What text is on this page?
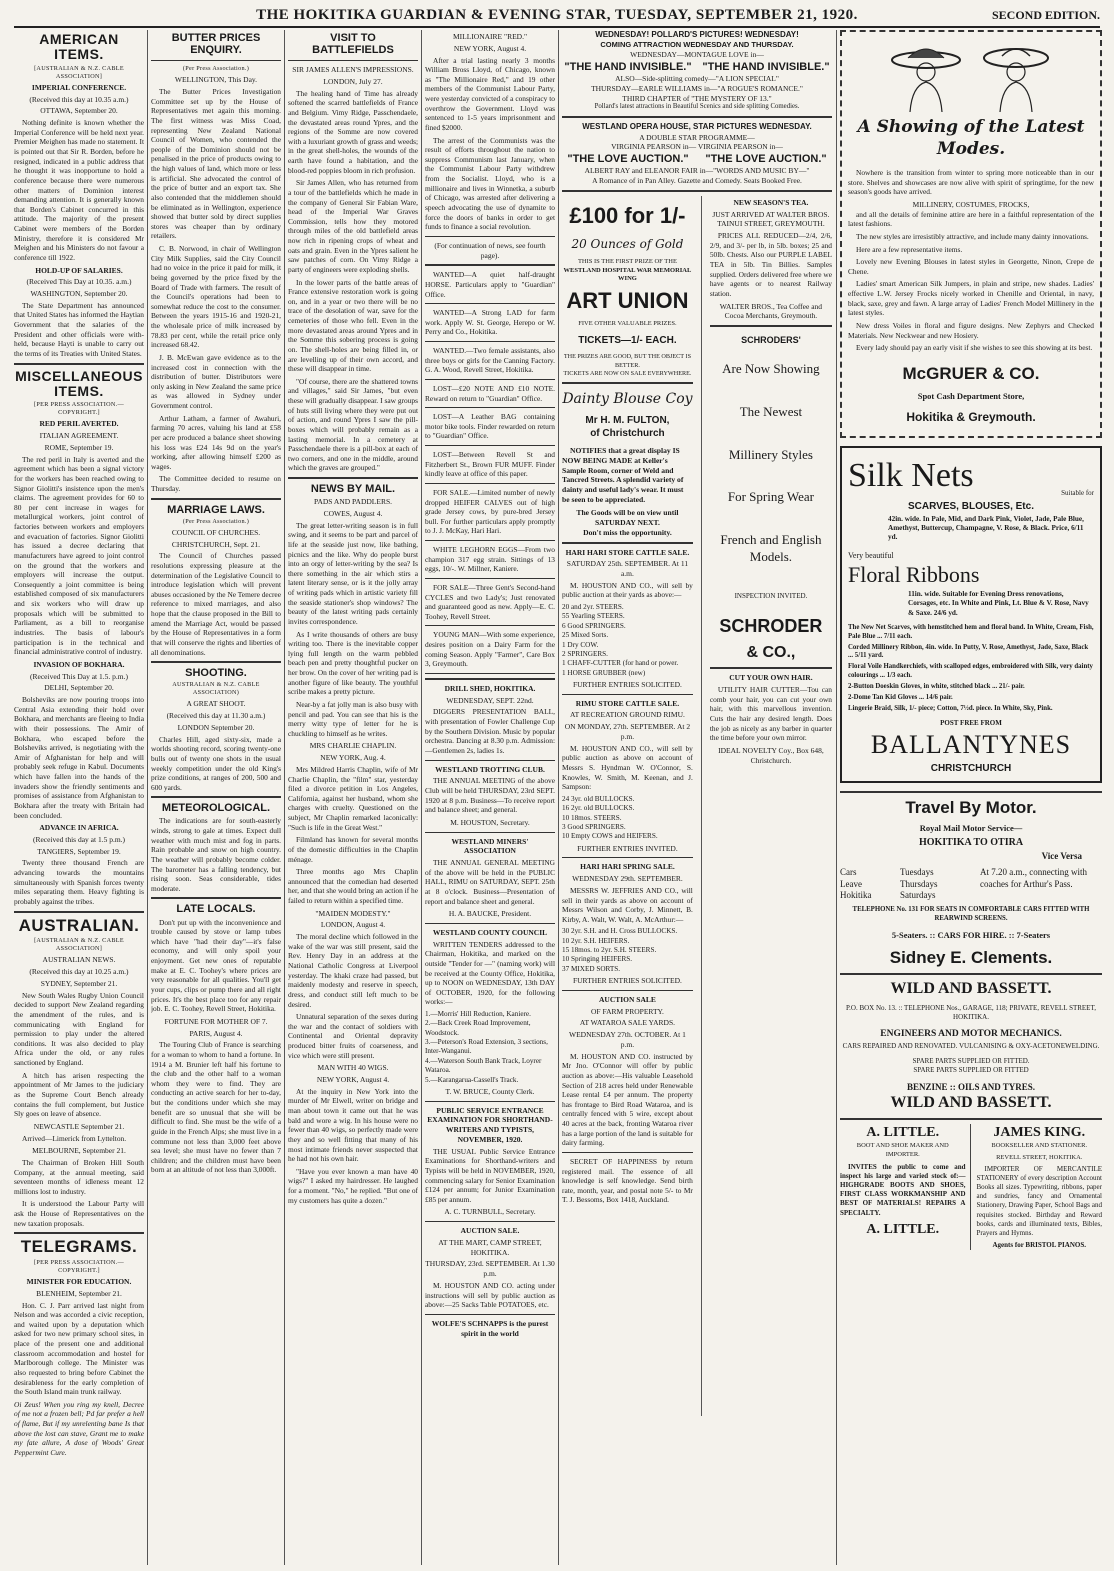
THE HOKITIKA GUARDIAN & EVENING STAR, TUESDAY, SEPTEMBER 21, 1920.	SECOND EDITION.
AMERICAN ITEMS.
[AUSTRALIAN & N.Z. CABLE ASSOCIATION]
IMPERIAL CONFERENCE.
(Received this day at 10.35 a.m.)
OTTAWA, September 20.

Nothing definite is known whether the Imperial Conference will be held next year. Premier Meighen has made no statement. It is pointed out that Sir R. Borden, before he resigned, indicated in a public address that he thought it was inopportune to hold a conference because there were numerous other matters of Dominion interest demanding attention. It is generally known that Borden's Cabinet concurred in this attitude. The majority of the present Cabinet were members of the Borden Ministry, therefore it is considered Mr Meighen and his Ministers do not favour a conference till 1922.

HOLD-UP OF SALARIES.
(Received This Day at 10.35. a.m.)
WASHINGTON, September 20.

The State Department has announced that United States has informed the Haytian Government that the salaries of the President and other officials were with-held, because Hayti is unable to carry out the terms of its Treaties with United States.

MISCELLANEOUS ITEMS.
[PER PRESS ASSOCIATION.—COPYRIGHT.]
RED PERIL AVERTED.
ITALIAN AGREEMENT.
ROME, September 19.

The red peril in Italy is averted and the agreement which has been a signal victory for the workers has been reached owing to Signor Giolitti's insistence upon the men's claims. The agreement provides for 60 to 80 per cent increase in wages for metallurgical workers, joint control of factories between workers and employers and evacuation of factories. Signor Giolitti has issued a decree declaring that manufacturers have agreed to joint control on the ground that the workers and employers will increase the output. Consequently a joint committee is being established composed of six manufacturers and six workers who will draw up proposals which will be submitted to Parliament, as a bill to reorganise industries. The basis of labour's participation is in the technical and financial administrative control of industry.

INVASION OF BOKHARA.
(Received This Day at 1.5. p.m.)
DELHI, September 20.

Bolsheviks are now pouring troops into Central Asia extending their hold over Bokhara, and merchants are fleeing to India with their possessions. The Amir of Bokhara, who escaped before the Bolsheviks arrived, is negotiating with the Amir of Afghanistan for help and will probably seek refuge in Kabul. Documents which have fallen into the hands of the invaders show the friendly sentiments and promises of assistance from Afghanistan to Bokhara after the treaty with Britain had been concluded.

ADVANCE IN AFRICA.
(Received this day at 1.5 p.m.)
TANGIERS, September 19.

Twenty three thousand French are advancing towards the mountains simultaneously with Spanish forces twenty miles separating them. Heavy fighting is probably against the tribes.

AUSTRALIAN.
[AUSTRALIAN & N.Z. CABLE ASSOCIATION]
AUSTRALIAN NEWS.
(Received this day at 10.25 a.m.)
SYDNEY, September 21.

New South Wales Rugby Union Council decided to support New Zealand regarding the amendment of the rules, and is communicating with England for permission to play under the altered conditions. It was also decided to play Africa under the old, or any rules sanctioned by England.

A hitch has arisen respecting the appointment of Mr James to the judiciary as the Supreme Court Bench already contains the full complement, but Justice Sly goes on leave of absence.

NEWCASTLE September 21.

Arrived—Limerick from Lyttelton.

MELBOURNE, September 21.

The Chairman of Broken Hill South Company, at the annual meeting, said seventeen months of idleness meant 12 millions lost to industry.

It is understood the Labour Party will ask the House of Representatives on the new taxation proposals.

TELEGRAMS.
[PER PRESS ASSOCIATION.—COPYRIGHT.]
MINISTER FOR EDUCATION.
BLENHEIM, September 21.

Hon. C. J. Parr arrived last night from Nelson and was accorded a civic reception, and waited upon by a deputation which asked for two new primary school sites, in place of the present one and additional classroom accommodation and hostel for Marlborough college. The Minister was also requested to bring before Cabinet the desirableness for the early completion of the South Island main trunk railway.

Oi Zeus! When you ring my knell, Decree of me not a frozen bell; Pd far prefer a hell of flame, But if my unrelenting bane Is that above the lost can stave, Grant me to make my fate allure, A dose of Woods' Great Peppermint Cure.

BUTTER PRICES ENQUIRY.
(Per Press Association.)
WELLINGTON, This Day.

The Butter Prices Investigation Committee set up by the House of Representatives met again this morning. The first witness was Miss Coad, representing New Zealand National Council of Women, who contended the people of the Dominion should not be penalised in the price of products owing to the high values of land, which more or less is artificial. She advocated the control of the price of butter and an export tax. She also contended that the middlemen should be eliminated as in Wellington, experience showed that butter sold by direct supplies stores was cheaper than by ordinary retailers.

C. B. Norwood, in chair of Wellington City Milk Supplies, said the City Council had no voice in the price it paid for milk, it being governed by the price fixed by the Board of Trade with farmers. The result of the Council's operations had been to somewhat reduce the cost to the consumer. Between the years 1915-16 and 1920-21, the wholesale price of milk increased by 78.83 per cent, while the retail price only increased 68.42.

J. B. McEwan gave evidence as to the increased cost in connection with the distribution of butter. Distributors were only asking in New Zealand the same price as was allowed in Sydney under Government control.

Arthur Latham, a farmer of Awahuri, farming 70 acres, valuing his land at £58 per acre produced a balance sheet showing his loss was £24 14s 9d on the year's working, after allowing himself £200 as wages.

The Committee decided to resume on Thursday.

MARRIAGE LAWS.
(Per Press Association.)
COUNCIL OF CHURCHES.
CHRISTCHURCH, Sept. 21.

The Council of Churches passed resolutions expressing pleasure at the determination of the Legislative Council to introduce legislation which will prevent abuses occasioned by the Ne Temere decree reference to mixed marriages, and also hope that the clause proposed in the Bill to amend the Marriage Act, would be passed by the House of Representatives in a form that will conserve the rights and liberties of all denominations.

SHOOTING.
AUSTRALIAN & N.Z. CABLE ASSOCIATION)
A GREAT SHOOT.
(Received this day at 11.30 a.m.)
LONDON September 20.

Charles Hill, aged sixty-six, made a worlds shooting record, scoring twenty-one bulls out of twenty one shots in the usual weekly competition under the old King's prize conditions, at ranges of 200, 500 and 600 yards.

METEOROLOGICAL.

The indications are for south-easterly winds, strong to gale at times. Expect dull weather with much mist and fog in parts. Rain probable and snow on high country. The weather will probably become colder. The barometer has a falling tendency, but rising soon. Seas considerable, tides moderate.

LATE LOCALS.

Don't put up with the inconvenience and trouble caused by stove or lamp tubes which have "had their day"—it's false economy, and will only spoil your enjoyment. Get new ones of reputable make at E. C. Toohey's where prices are very reasonable for all qualities. You'll get your cups, clips or pump there and all right prices. It's the best place too for any repair job. E. C. Toohey, Revell Street, Hokitika.

FORTUNE FOR MOTHER OF 7.
PARIS, August 4.

The Touring Club of France is searching for a woman to whom to hand a fortune. In 1914 a M. Brunier left half his fortune to the club and the other half to a woman whom they were to find. They are conducting an active search for her to-day, but the conditions under which she may benefit are so unusual that she will be difficult to find. She must be the wife of a guide in the French Alps; she must live in a commune not less than 3,000 feet above sea level; she must have no fewer than 7 children; and the children must have been born at an altitude of not less than 3,000ft.

VISIT TO BATTLEFIELDS
SIR JAMES ALLEN'S IMPRESSIONS.
LONDON, July 27.

The healing hand of Time has already softened the scarred battlefields of France and Belgium. Vimy Ridge, Passchendaele, the devastated areas round Ypres, and the regions of the Somme are now covered with a luxuriant growth of grass and weeds; in the great shell-holes, the wounds of the earth have found a habitation, and the blood-red poppies bloom in rich profusion.

Sir James Allen, who has returned from a tour of the battlefields which he made in the company of General Sir Fabian Ware, head of the Imperial War Graves Commission, tells how they motored through miles of the old battlefield areas now rich in ripening crops of wheat and oats and grain. Even in the Ypres salient he saw patches of corn. On Vimy Ridge a party of engineers were exploding shells.

In the lower parts of the battle areas of France extensive restoration work is going on, and in a year or two there will be no trace of the desolation of war, save for the cemeteries of those who fell. Even in the more devastated areas around Ypres and in the Somme this sobering process is going on. The shell-holes are being filled in, or are levelling up of their own accord, and these will disappear in time.

"Of course, there are the shattered towns and villages," said Sir James, "but even these will gradually disappear. I saw groups of huts still living where they were put out of action, and round Ypres I saw the pill-boxes which will probably remain as a lasting memorial. In a cemetery at Passchendaele there is a pill-box at each of two corners, and one in the middle, around which the graves are grouped."

NEWS BY MAIL.
PADS AND PADDLERS.
COWES, August 4.

The great letter-writing season is in full swing, and it seems to be part and parcel of life at the seaside just now, like bathing, picnics and the like. Why do people burst into an orgy of letter-writing by the sea? Is there something in the air which stirs a latent literary sense, or is it the jolly array of writing pads which in artistic variety fill the seaside stationer's shop windows? The beauty of the latest writing pads certainly invites correspondence.

As I write thousands of others are busy writing too. There is the inevitable copper lying full length on the warm pebbled beach pen and pretty thoughtful pucker on her brow. On the cover of her writing pad is another figure of like beauty. The youthful scribe makes a pretty picture.

Near-by a fat jolly man is also busy with pencil and pad. You can see that his is the merry witty type of letter for he is chuckling to himself as he writes.

MRS CHARLIE CHAPLIN.
NEW YORK, Aug. 4.

Mrs Mildred Harris Chaplin, wife of Mr Charlie Chaplin, the "film" star, yesterday filed a divorce petition in Los Angeles, California, against her husband, whom she charges with cruelty. Questioned on the subject, Mr Chaplin remarked laconically: "Such is life in the Great West."

Filmland has known for several months of the domestic difficulties in the Chaplin ménage.

Three months ago Mrs Chaplin announced that the comedian had deserted her, and that she would bring an action if he failed to return within a specified time.

"MAIDEN MODESTY."
LONDON, August 4.

The moral decline which followed in the wake of the war was still present, said the Rev. Henry Day in an address at the National Catholic Congress at Liverpool yesterday. The khaki craze had passed, but maidenly modesty and reserve in speech, dress, and conduct still left much to be desired.

Unnatural separation of the sexes during the war and the contact of soldiers with Continental and Oriental depravity produced bitter fruits of coarseness, and vice which were still present.

MAN WITH 40 WIGS.
NEW YORK, August 4.

At the inquiry in New York into the murder of Mr Elwell, writer on bridge and man about town it came out that he was bald and wore a wig. In his house were no fewer than 40 wigs, so perfectly made were they and so well fitting that many of his most intimate friends never suspected that he had not his own hair.

"Have you ever known a man have 40 wigs?" I asked my hairdresser. He laughed for a moment. "No," he replied. "But one of my customers has quite a dozen."

MILLIONAIRE "RED."
NEW YORK, August 4.

After a trial lasting nearly 3 months William Bross Lloyd, of Chicago, known as "The Millionaire Red," and 19 other members of the Communist Labour Party, were yesterday convicted of a conspiracy to overthrow the Government. Lloyd was sentenced to 1-5 years imprisonment and fined $2000.

The arrest of the Communists was the result of efforts throughout the nation to suppress Communism last January, when the Communist Labour Party withdrew from the Socialist. Lloyd, who is a millionaire and lives in Winnetka, a suburb of Chicago, was arrested after delivering a speech advocating the use of dynamite to force the doors of banks in order to get funds to finance a social revolution.

(For continuation of news, see fourth page).

WANTED—A quiet half-draught HORSE. Particulars apply to "Guardian" Office.

WANTED—A Strong LAD for farm work. Apply W. St. George, Herepo or W. Perry and Co., Hokitika.

WANTED.—Two female assistants, also three boys or girls for the Canning Factory. G. A. Wood, Revell Street, Hokitika.

LOST—£20 NOTE AND £10 NOTE. Reward on return to "Guardian" Office.

LOST—A Leather BAG containing motor bike tools. Finder rewarded on return to "Guardian" Office.

LOST—Between Revell St and Fitzherbert St., Brown FUR MUFF. Finder kindly leave at office of this paper.

FOR SALE.—Limited number of newly dropped HEIFER CALVES out of high grade Jersey cows, by pure-bred Jersey bull. For further particulars apply promptly to J. J. McKay, Hari Hari.

WHITE LEGHORN EGGS—From two champion 317 egg strain. Sittings of 13 eggs, 10/-. W. Millner, Kaniere.

FOR SALE—Three Gent's Second-hand CYCLES and two Lady's; Just renovated and guaranteed good as new. Apply—E. C. Toohey, Revell Street.

YOUNG MAN—With some experience, desires position on a Dairy Farm for the coming Season. Apply "Farmer", Care Box 3, Greymouth.

DRILL SHED, HOKITIKA.
WEDNESDAY, SEPT. 22nd.

DIGGERS PRESENTATION BALL, with presentation of Fowler Challenge Cup by the Southern Division. Music by popular orchestra. Dancing at 8.30 p.m. Admission:—Gentlemen 2s, ladies 1s.

WESTLAND TROTTING CLUB.

THE ANNUAL MEETING of the above Club will be held THURSDAY, 23rd SEPT. 1920 at 8 p.m. Business—To receive report and balance sheet; and general.

M. HOUSTON, Secretary.
WESTLAND MINERS' ASSOCIATION

THE ANNUAL GENERAL MEETING of the above will be held in the PUBLIC HALL, RIMU on SATURDAY, SEPT. 25th at 8 o'clock. Business—Presentation of report and balance sheet and general.

H. A. BAUCKE, President.
WESTLAND COUNTY COUNCIL

WRITTEN TENDERS addressed to the Chairman, Hokitika, and marked on the outside "Tender for —" (naming work) will be received at the County Office, Hokitika, up to NOON on WEDNESDAY, 13th DAY of OCTOBER, 1920, for the following works:—

1.—Morris' Hill Reduction, Kaniere.
2.—Back Creek Road Improvement, Woodstock.
3.—Peterson's Road Extension, 3 sections, Inter-Wanganui.
4.—Waterson South Bank Track, Loyrer Wataroa.
5.—Karangarua-Cassell's Track.
T. W. BRUCE, County Clerk.
PUBLIC SERVICE ENTRANCE EXAMINATION FOR SHORTHAND-WRITERS AND TYPISTS, NOVEMBER, 1920.

THE USUAL Public Service Entrance Examinations for Shorthand-writers and Typists will be held in NOVEMBER, 1920, commencing salary for Senior Examination £124 per annum; for Junior Examination £85 per annum.

A. C. TURNBULL, Secretary.
AUCTION SALE.
AT THE MART, CAMP STREET, HOKITIKA.
THURSDAY, 23rd. SEPTEMBER. At 1.30 p.m.

M. HOUSTON AND CO. acting under instructions will sell by public auction as above:—25 Sacks Table POTATOES, etc.

WOLFE'S SCHNAPPS is the purest spirit in the world
WEDNESDAY! POLLARD'S PICTURES! WEDNESDAY!
COMING ATTRACTION WEDNESDAY AND THURSDAY.
WEDNESDAY—MONTAGUE LOVE in—
"THE HAND INVISIBLE." "THE HAND INVISIBLE."
ALSO—Side-splitting comedy—"A LION SPECIAL"
THURSDAY—EARLE WILLIAMS in—"A ROGUE'S ROMANCE."
THIRD CHAPTER of "THE MYSTERY OF 13."
Pollard's latest attractions in Beautiful Scenics and side splitting Comedies.
WESTLAND OPERA HOUSE, STAR PICTURES WEDNESDAY.
A DOUBLE STAR PROGRAMME—
VIRGINIA PEARSON in— VIRGINIA PEARSON in—
"THE LOVE AUCTION."	"THE LOVE AUCTION."
ALBERT RAY and ELEANOR FAIR in—"WORDS AND MUSIC BY—"
A Romance of in Pan Alley. Gazette and Comedy. Seats Booked Free.
£100 for 1/-
20 Ounces of Gold
THIS IS THE FIRST PRIZE OF THE
WESTLAND HOSPITAL WAR MEMORIAL WING
ART UNION
FIVE OTHER VALUABLE PRIZES.
TICKETS—1/- EACH.
THE PRIZES ARE GOOD, BUT THE OBJECT IS BETTER.
TICKETS ARE NOW ON SALE EVERYWHERE.
Dainty Blouse Coy
Mr H. M. FULTON,
of Christchurch

NOTIFIES that a great display IS NOW BEING MADE at Keller's Sample Room, corner of Weld and Tancred Streets. A splendid variety of dainty and useful lady's wear. It must be seen to be appreciated.

The Goods will be on view until SATURDAY NEXT.
Don't miss the opportunity.
HARI HARI STORE CATTLE SALE.
SATURDAY 25th. SEPTEMBER. At 11 a.m.

M. HOUSTON AND CO., will sell by public auction at their yards as above:—

20 and 2yr. STEERS.
55 Yearling STEERS.
6 Good SPRINGERS.
25 Mixed Sorts.
1 Dry COW.
2 SPRINGERS.
1 CHAFF-CUTTER (for hand or power.
1 HORSE GRUBBER (new)
FURTHER ENTRIES SOLICITED.
RIMU STORE CATTLE SALE.
AT RECREATION GROUND RIMU.
ON MONDAY, 27th. SEPTEMBER. At 2 p.m.

M. HOUSTON AND CO., will sell by public auction as above on account of Messrs S. Hyndman W. O'Connor, S. Knowles, W. Smith, M. Keenan, and J. Sampson:

24 3yr. old BULLOCKS.
16 2yr. old BULLOCKS.
10 18mos. STEERS.
3 Good SPRINGERS.
10 Empty COWS and HEIFERS.
FURTHER ENTRIES INVITED.
HARI HARI SPRING SALE.
WEDNESDAY 29th. SEPTEMBER.

MESSRS W. JEFFRIES AND CO., will sell in their yards as above on account of Messrs Wilson and Corby, J. Minnett, B. Kirby, A. Walt, W. Walt, A. McArthur:—

30 2yr. S.H. and H. Cross BULLOCKS.
10 2yr. S.H. HEIFERS.
15 18mos. to 2yr. S.H. STEERS.
10 Springing HEIFERS.
37 MIXED SORTS.
FURTHER ENTRIES SOLICITED.
AUCTION SALE
OF FARM PROPERTY.
AT WATAROA SALE YARDS.
WEDNESDAY 27th. OCTOBER. At 1 p.m.

M. HOUSTON AND CO. instructed by Mr Jno. O'Connor will offer by public auction as above:—His valuable Leasehold Section of 218 acres held under Renewable Lease rental £4 per annum. The property has frontage to Bird Road Wataroa, and is centrally fenced with 5 wire, except about 40 acres at the back, fronting Wataroa river has a large portion of the land is suitable for dairy farming.

SECRET OF HAPPINESS by return registered mail. The essence of all knowledge is self knowledge. Send birth rate, month, year, and postal note 5/- to Mr T. J. Bessoms, Box 1418, Auckland.

NEW SEASON'S TEA.
JUST ARRIVED AT WALTER BROS. TAINUI STREET, GREYMOUTH.

PRICES ALL REDUCED—2/4, 2/6, 2/9, and 3/- per lb, in 5lb. boxes; 25 and 50lb. Chests. Also our PURPLE LABEL TEA in 5lb. Tin Billies. Samples supplied. Orders delivered free where we have agents or to nearest Railway station.

WALTER BROS., Tea Coffee and Cocoa Merchants, Greymouth.
SCHRODERS'
Are Now Showing
The Newest
Millinery Styles
For Spring Wear
French and English Models.
INSPECTION INVITED.
SCHRODER
& CO.,
CUT YOUR OWN HAIR.

UTILITY HAIR CUTTER—Tou can comb your hair, you can cut your own hair, with this marvellous invention. Cuts the hair any desired length. Does the job as nicely as any barber in quarter the time before your own mirror.

IDEAL NOVELTY Coy., Box 648, Christchurch.
A Showing of the Latest Modes.

Nowhere is the transition from winter to spring more noticeable than in our store. Shelves and showcases are now alive with spirit of springtime, for the new season's goods have arrived.

MILLINERY, COSTUMES, FROCKS,

and all the details of feminine attire are here in a faithful representation of the latest fashions.

The new styles are irresistibly attractive, and include many dainty innovations.

Here are a few representative items.

Lovely new Evening Blouses in latest styles in Georgette, Ninon, Crepe de Chene.

Ladies' smart American Silk Jumpers, in plain and stripe, new shades. Ladies' effective L.W. Jersey Frocks nicely worked in Chenille and Oriental, in navy, black, saxe, grey and fawn. A large array of Ladies' French Model Millinery in the latest styles.

New dress Voiles in floral and figure designs. New Zephyrs and Checked Materials. New Neckwear and new Hosiery.

Every lady should pay an early visit if she wishes to see this showing at its best.

McGRUER & CO.
Spot Cash Department Store,
Hokitika & Greymouth.
Silk Nets	Suitable for
SCARVES, BLOUSES, Etc.
42in. wide. In Pale, Mid, and Dark Pink, Violet, Jade, Pale Blue, Amethyst, Buttercup, Champagne, V. Rose, & Black. Price, 6/11 yd.
Very beautiful
Floral Ribbons
11in. wide. Suitable for Evening Dress renovations, Corsages, etc. In White and Pink, Lt. Blue & V. Rose, Navy & Saxe. 24/6 yd.
The New Net Scarves, with hemstitched hem and floral band. In White, Cream, Fish, Pale Blue ... 7/11 each.
Corded Millinery Ribbon, 4in. wide. In Putty, V. Rose, Amethyst, Jade, Saxe, Black ... 5/11 yard.
Floral Voile Handkerchiefs, with scalloped edges, embroidered with Silk, very dainty colourings ... 1/3 each.
2-Button Doeskin Gloves, in white, stitched black ... 21/- pair.
2-Dome Tan Kid Gloves ... 14/6 pair.
Lingerie Braid, Silk, 1/- piece; Cotton, 7½d. piece. In White, Sky, Pink.
POST FREE FROM
BALLANTYNES
CHRISTCHURCH
Travel By Motor.
Royal Mail Motor Service—
HOKITIKA TO OTIRA
Vice Versa
Cars
Leave
Hokitika
Tuesdays
Thursdays
Saturdays
At 7.20 a.m., connecting with coaches for Arthur's Pass.
TELEPHONE No. 131 FOR SEATS IN COMFORTABLE CARS FITTED WITH REARWIND SCREENS.
5-Seaters. :: CARS FOR HIRE. :: 7-Seaters
Sidney E. Clements.
WILD AND BASSETT.
P.O. BOX No. 13. :: TELEPHONE Nos., GARAGE, 118; PRIVATE, REVELL STREET, HOKITIKA.
ENGINEERS AND MOTOR MECHANICS.
CARS REPAIRED AND RENOVATED. VULCANISING & OXY-ACETONEWELDING.
SPARE PARTS SUPPLIED OR FITTED.
SPARE PARTS SUPPLIED OR FITTED
BENZINE :: OILS AND TYRES.
WILD AND BASSETT.
A. LITTLE.
BOOT AND SHOE MAKER AND IMPORTER.

INVITES the public to come and inspect his large and varied stock of:— HIGHGRADE BOOTS AND SHOES, FIRST CLASS WORKMANSHIP AND BEST OF MATERIALS! REPAIRS A SPECIALTY.

A. LITTLE.
JAMES KING.
BOOKSELLER AND STATIONER.
REVELL STREET, HOKITIKA.

IMPORTER OF MERCANTILE STATIONERY of every description Account Books all sizes. Typewriting, ribbons, paper and sundries, fancy and Ornamental Stationery, Drawing Paper, School Bags and requisites stocked. Birthday and Reward books, cards and illuminated texts, Bibles, Prayers and Hymns.

Agents for BRISTOL PIANOS.
